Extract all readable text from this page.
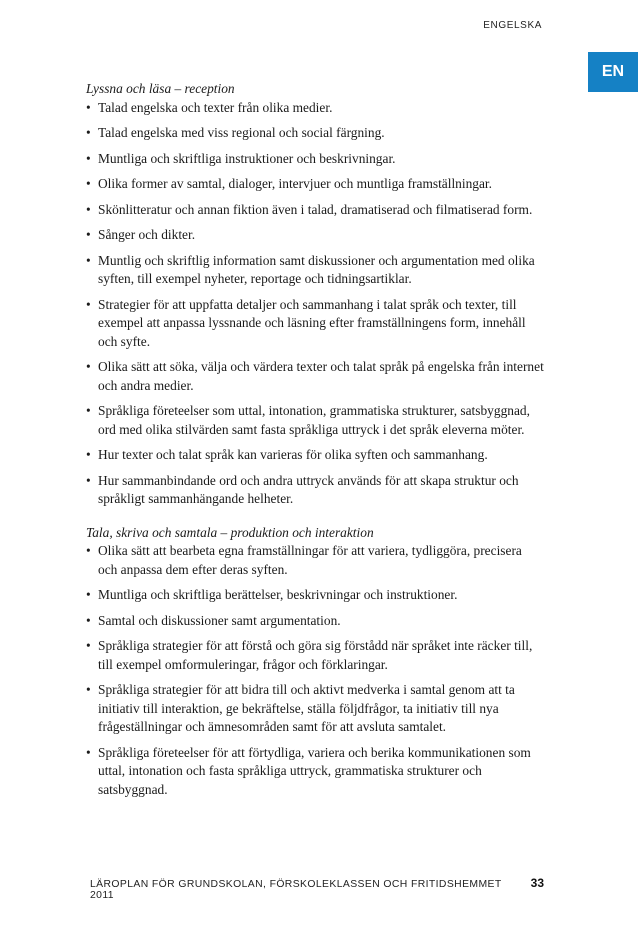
ENGELSKA
EN

Lyssna och läsa – reception

• Talad engelska och texter från olika medier.
• Talad engelska med viss regional och social färgning.
• Muntliga och skriftliga instruktioner och beskrivningar.
• Olika former av samtal, dialoger, intervjuer och muntliga framställningar.
• Skönlitteratur och annan fiktion även i talad, dramatiserad och filmatiserad form.
• Sånger och dikter.
• Muntlig och skriftlig information samt diskussioner och argumentation med olika syften, till exempel nyheter, reportage och tidningsartiklar.
• Strategier för att uppfatta detaljer och sammanhang i talat språk och texter, till exempel att anpassa lyssnande och läsning efter framställningens form, innehåll och syfte.
• Olika sätt att söka, välja och värdera texter och talat språk på engelska från internet och andra medier.
• Språkliga företeelser som uttal, intonation, grammatiska strukturer, satsbyggnad, ord med olika stilvärden samt fasta språkliga uttryck i det språk eleverna möter.
• Hur texter och talat språk kan varieras för olika syften och sammanhang.
• Hur sammanbindande ord och andra uttryck används för att skapa struktur och språkligt sammanhängande helheter.

Tala, skriva och samtala – produktion och interaktion

• Olika sätt att bearbeta egna framställningar för att variera, tydliggöra, precisera och anpassa dem efter deras syften.
• Muntliga och skriftliga berättelser, beskrivningar och instruktioner.
• Samtal och diskussioner samt argumentation.
• Språkliga strategier för att förstå och göra sig förstådd när språket inte räcker till, till exempel omformuleringar, frågor och förklaringar.
• Språkliga strategier för att bidra till och aktivt medverka i samtal genom att ta initiativ till interaktion, ge bekräftelse, ställa följdfrågor, ta initiativ till nya frågeställningar och ämnesområden samt för att avsluta samtalet.
• Språkliga företeelser för att förtydliga, variera och berika kommunikationen som uttal, intonation och fasta språkliga uttryck, grammatiska strukturer och satsbyggnad.
LÄROPLAN FÖR GRUNDSKOLAN, FÖRSKOLEKLASSEN OCH FRITIDSHEMMET 2011
33
